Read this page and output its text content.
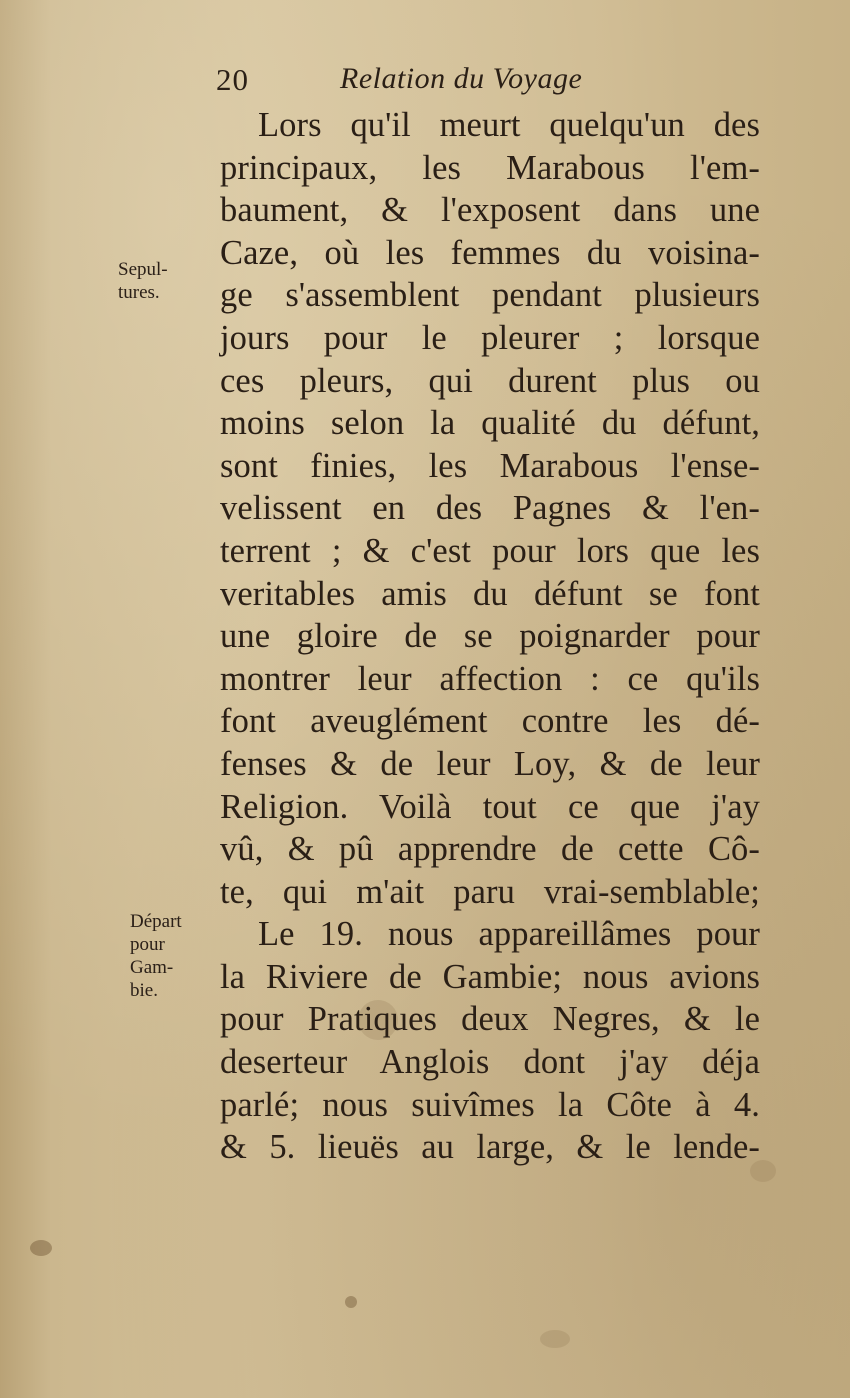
20	Relation du Voyage
Sepul-
tures.
Départ
pour
Gam-
bie.
Lors qu'il meurt quelqu'un des
principaux, les Marabous l'em-
baument, & l'exposent dans une
Caze, où les femmes du voisina-
ge s'assemblent pendant plusieurs
jours pour le pleurer ; lorsque
ces pleurs, qui durent plus ou
moins selon la qualité du défunt,
sont finies, les Marabous l'ense-
velissent en des Pagnes & l'en-
terrent ; & c'est pour lors que les
veritables amis du défunt se font
une gloire de se poignarder pour
montrer leur affection : ce qu'ils
font aveuglément contre les dé-
fenses & de leur Loy, & de leur
Religion. Voilà tout ce que j'ay
vû, & pû apprendre de cette Cô-
te, qui m'ait paru vrai-semblable;
Le 19. nous appareillâmes pour
la Riviere de Gambie; nous avions
pour Pratiques deux Negres, & le
deserteur Anglois dont j'ay déja
parlé; nous suivîmes la Côte à 4.
& 5. lieuës au large, & le lende-
